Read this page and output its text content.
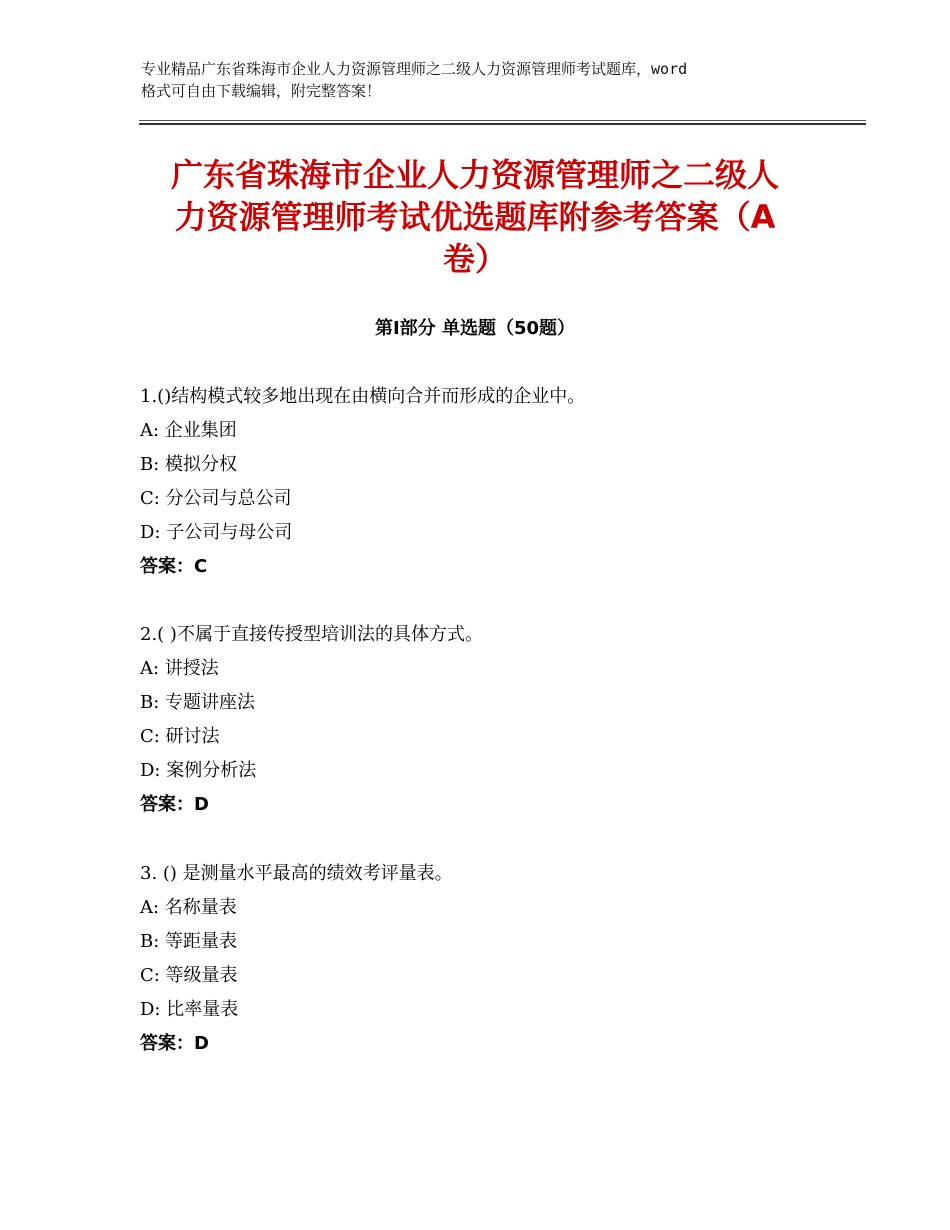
专业精品广东省珠海市企业人力资源管理师之二级人力资源管理师考试题库，word
格式可自由下载编辑，附完整答案！
广东省珠海市企业人力资源管理师之二级人
力资源管理师考试优选题库附参考答案（A
卷）
第Ⅰ部分 单选题（50题）
1.()结构模式较多地出现在由横向合并而形成的企业中。
A: 企业集团
B: 模拟分权
C: 分公司与总公司
D: 子公司与母公司
答案：C
2.( )不属于直接传授型培训法的具体方式。
A: 讲授法
B: 专题讲座法
C: 研讨法
D: 案例分析法
答案：D
3. () 是测量水平最高的绩效考评量表。
A: 名称量表
B: 等距量表
C: 等级量表
D: 比率量表
答案：D
